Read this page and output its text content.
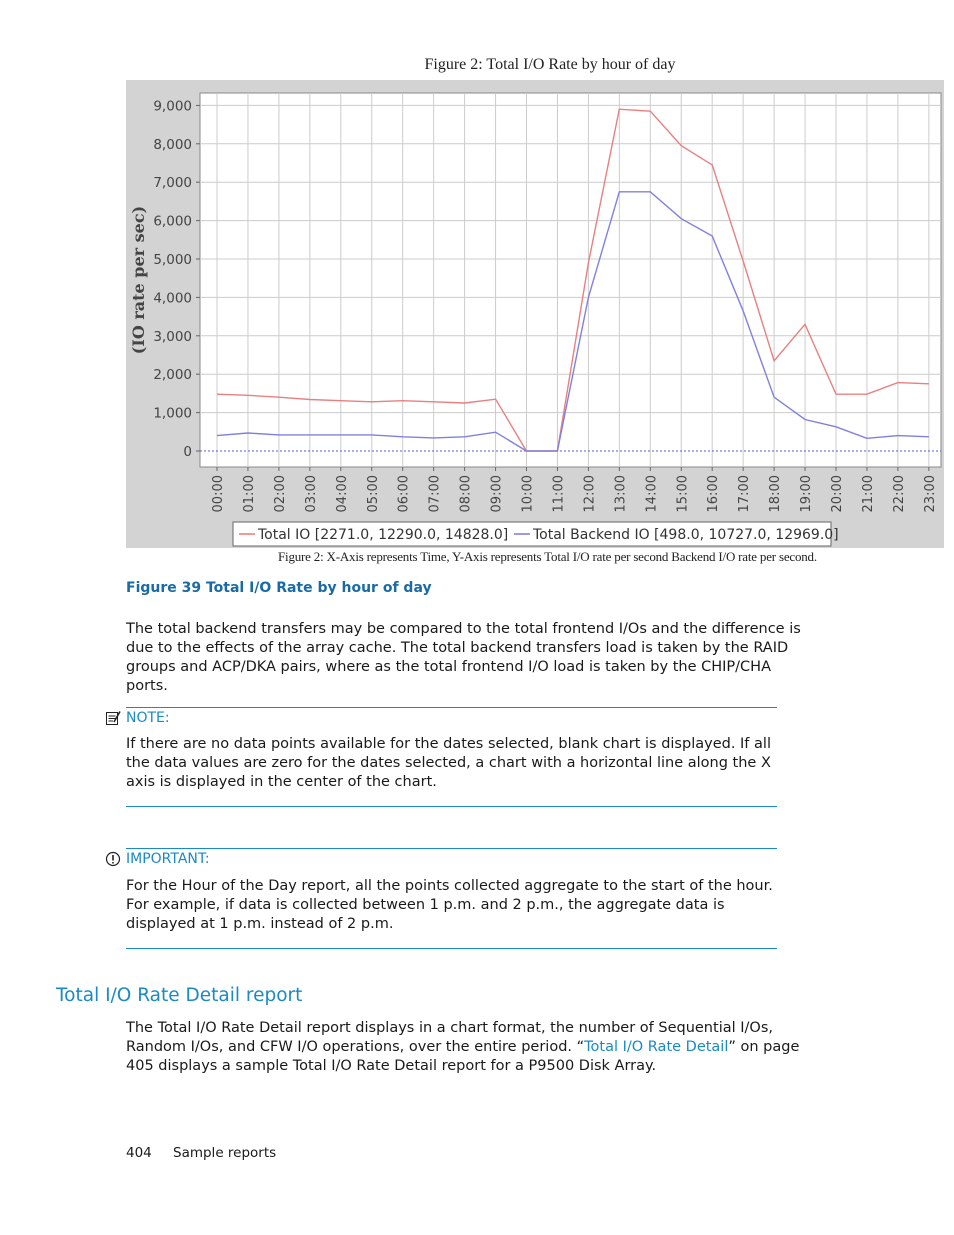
Figure 2: Total I/O Rate by hour of day
0
1,000
2,000
3,000
4,000
5,000
6,000
7,000
8,000
9,000
00:00 01:00 02:00 03:00 04:00 05:00 06:00 07:00 08:00 09:00 10:00 11:00 12:00 13:00 14:00 15:00 16:00 17:00 18:00 19:00 20:00 21:00 22:00 23:00
(IO rate per sec)
Total IO [2271.0, 12290.0, 14828.0] Total Backend IO [498.0, 10727.0, 12969.0]
Figure 2: X-Axis represents Time, Y-Axis represents Total I/O rate per second Backend I/O rate per second.
Figure 39 Total I/O Rate by hour of day
The total backend transfers may be compared to the total frontend I/Os and the difference is due to the effects of the array cache. The total backend transfers load is taken by the RAID groups and ACP/DKA pairs, where as the total frontend I/O load is taken by the CHIP/CHA ports.
NOTE:
If there are no data points available for the dates selected, blank chart is displayed. If all the data values are zero for the dates selected, a chart with a horizontal line along the X axis is displayed in the center of the chart.
IMPORTANT:
For the Hour of the Day report, all the points collected aggregate to the start of the hour. For example, if data is collected between 1 p.m. and 2 p.m., the aggregate data is displayed at 1 p.m. instead of 2 p.m.
Total I/O Rate Detail report
The Total I/O Rate Detail report displays in a chart format, the number of Sequential I/Os, Random I/Os, and CFW I/O operations, over the entire period. “Total I/O Rate Detail” on page 405 displays a sample Total I/O Rate Detail report for a P9500 Disk Array.
404 Sample reports
